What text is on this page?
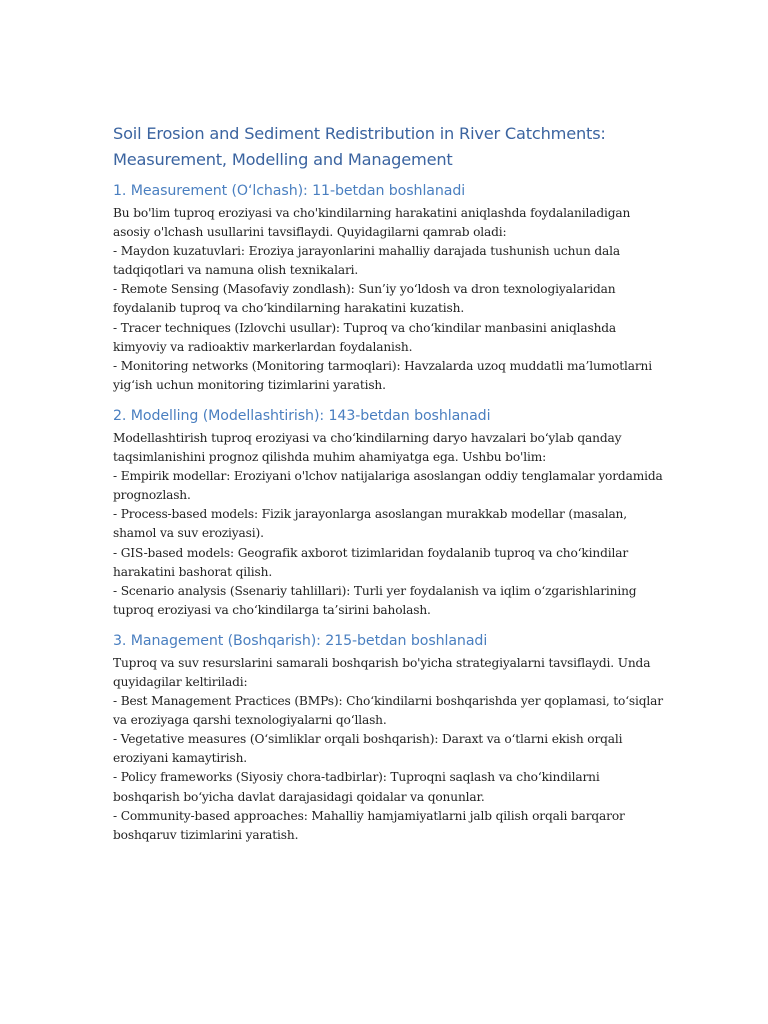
Soil Erosion and Sediment Redistribution in River Catchments:
Measurement, Modelling and Management
1. Measurement (O‘lchash): 11-betdan boshlanadi
Bu bo'lim tuproq eroziyasi va cho'kindilarning harakatini aniqlashda foydalaniladigan
asosiy o'lchash usullarini tavsiflaydi. Quyidagilarni qamrab oladi:
- Maydon kuzatuvlari: Eroziya jarayonlarini mahalliy darajada tushunish uchun dala
tadqiqotlari va namuna olish texnikalari.
- Remote Sensing (Masofaviy zondlash): Sun’iy yo‘ldosh va dron texnologiyalaridan
foydalanib tuproq va cho‘kindilarning harakatini kuzatish.
- Tracer techniques (Izlovchi usullar): Tuproq va cho‘kindilar manbasini aniqlashda
kimyoviy va radioaktiv markerlardan foydalanish.
- Monitoring networks (Monitoring tarmoqlari): Havzalarda uzoq muddatli ma’lumotlarni
yig‘ish uchun monitoring tizimlarini yaratish.
2. Modelling (Modellashtirish): 143-betdan boshlanadi
Modellashtirish tuproq eroziyasi va cho‘kindilarning daryo havzalari bo‘ylab qanday
taqsimlanishini prognoz qilishda muhim ahamiyatga ega. Ushbu bo'lim:
- Empirik modellar: Eroziyani o'lchov natijalariga asoslangan oddiy tenglamalar yordamida
prognozlash.
- Process-based models: Fizik jarayonlarga asoslangan murakkab modellar (masalan,
shamol va suv eroziyasi).
- GIS-based models: Geografik axborot tizimlaridan foydalanib tuproq va cho‘kindilar
harakatini bashorat qilish.
- Scenario analysis (Ssenariy tahlillari): Turli yer foydalanish va iqlim o‘zgarishlarining
tuproq eroziyasi va cho‘kindilarga ta’sirini baholash.
3. Management (Boshqarish): 215-betdan boshlanadi
Tuproq va suv resurslarini samarali boshqarish bo'yicha strategiyalarni tavsiflaydi. Unda
quyidagilar keltiriladi:
- Best Management Practices (BMPs): Cho‘kindilarni boshqarishda yer qoplamasi, to‘siqlar
va eroziyaga qarshi texnologiyalarni qo‘llash.
- Vegetative measures (O‘simliklar orqali boshqarish): Daraxt va o‘tlarni ekish orqali
eroziyani kamaytirish.
- Policy frameworks (Siyosiy chora-tadbirlar): Tuproqni saqlash va cho‘kindilarni
boshqarish bo‘yicha davlat darajasidagi qoidalar va qonunlar.
- Community-based approaches: Mahalliy hamjamiyatlarni jalb qilish orqali barqaror
boshqaruv tizimlarini yaratish.
